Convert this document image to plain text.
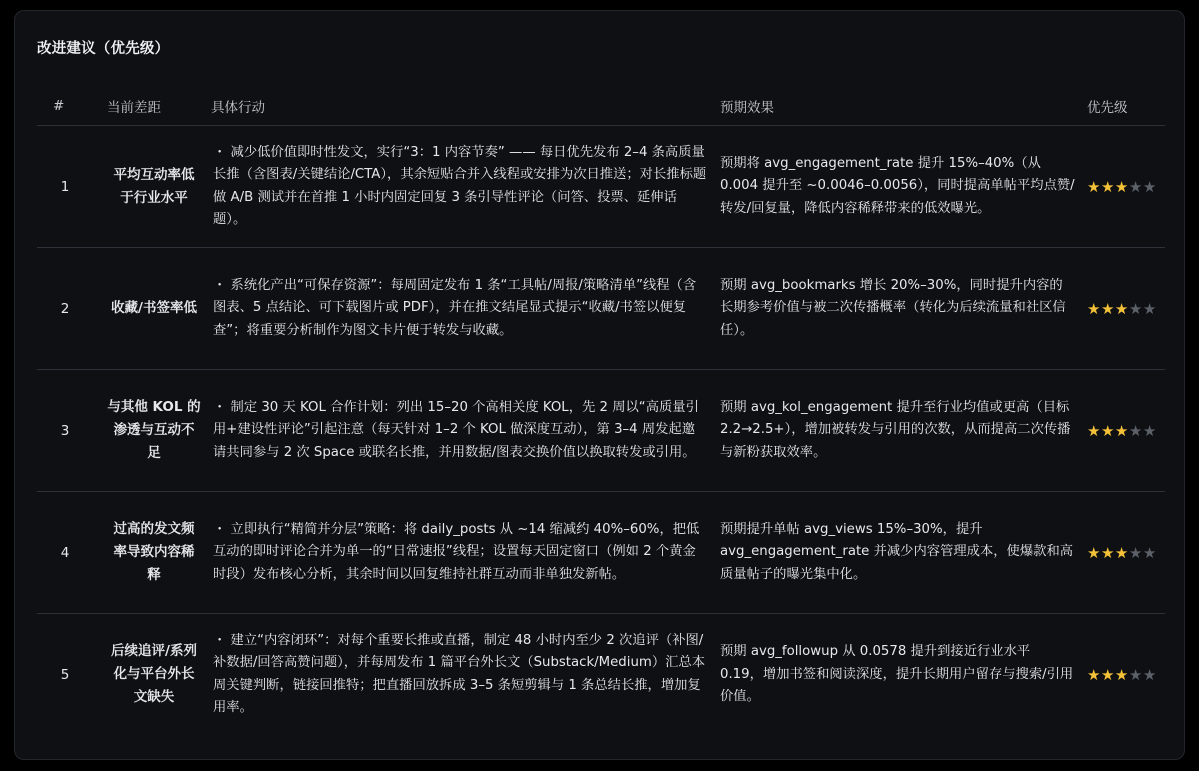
改进建议（优先级）
#	当前差距	具体行动	预期效果	优先级
1	平均互动率低于行业水平	・ 减少低价值即时性发文，实行“3：1 内容节奏” —— 每日优先发布 2–4 条高质量长推（含图表/关键结论/CTA），其余短贴合并入线程或安排为次日推送；对长推标题做 A/B 测试并在首推 1 小时内固定回复 3 条引导性评论（问答、投票、延伸话题）。	预期将 avg_engagement_rate 提升 15%–40%（从 0.004 提升至 ~0.0046–0.0056），同时提高单帖平均点赞/转发/回复量，降低内容稀释带来的低效曝光。	★★★★★
2	收藏/书签率低	・ 系统化产出“可保存资源”：每周固定发布 1 条“工具帖/周报/策略清单”线程（含图表、5 点结论、可下载图片或 PDF），并在推文结尾显式提示“收藏/书签以便复查”；将重要分析制作为图文卡片便于转发与收藏。	预期 avg_bookmarks 增长 20%–30%，同时提升内容的长期参考价值与被二次传播概率（转化为后续流量和社区信任）。	★★★★★
3	与其他 KOL 的渗透与互动不足	・ 制定 30 天 KOL 合作计划：列出 15–20 个高相关度 KOL，先 2 周以“高质量引用+建设性评论”引起注意（每天针对 1–2 个 KOL 做深度互动），第 3–4 周发起邀请共同参与 2 次 Space 或联名长推，并用数据/图表交换价值以换取转发或引用。	预期 avg_kol_engagement 提升至行业均值或更高（目标 2.2→2.5+），增加被转发与引用的次数，从而提高二次传播与新粉获取效率。	★★★★★
4	过高的发文频率导致内容稀释	・ 立即执行“精简并分层”策略：将 daily_posts 从 ~14 缩减约 40%–60%，把低互动的即时评论合并为单一的“日常速报”线程；设置每天固定窗口（例如 2 个黄金时段）发布核心分析，其余时间以回复维持社群互动而非单独发新帖。	预期提升单帖 avg_views 15%–30%，提升 avg_engagement_rate 并减少内容管理成本，使爆款和高质量帖子的曝光集中化。	★★★★★
5	后续追评/系列化与平台外长文缺失	・ 建立“内容闭环”：对每个重要长推或直播，制定 48 小时内至少 2 次追评（补图/补数据/回答高赞问题），并每周发布 1 篇平台外长文（Substack/Medium）汇总本周关键判断，链接回推特；把直播回放拆成 3–5 条短剪辑与 1 条总结长推，增加复用率。	预期 avg_followup 从 0.0578 提升到接近行业水平 0.19，增加书签和阅读深度，提升长期用户留存与搜索/引用价值。	★★★★★
